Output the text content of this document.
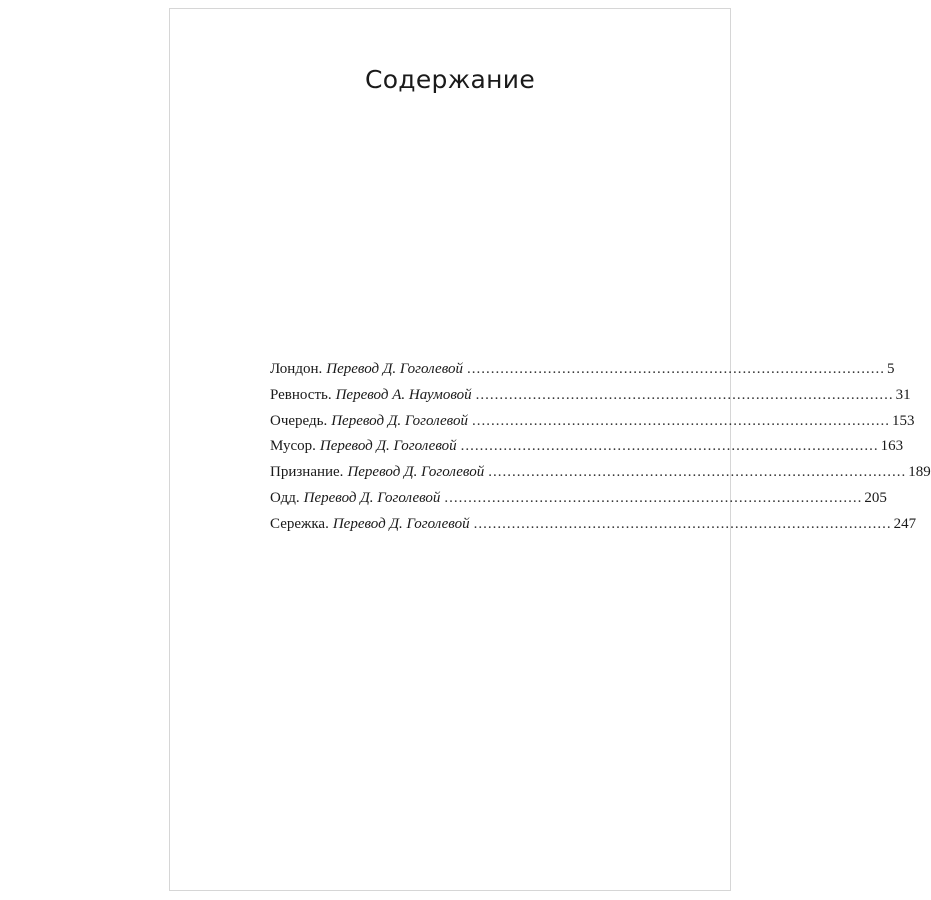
Содержание
Лондон. Перевод Д. Гоголевой ........................................................................................ 5
Ревность. Перевод А. Наумовой ........................................................................................ 31
Очередь. Перевод Д. Гоголевой ........................................................................................ 153
Мусор. Перевод Д. Гоголевой ........................................................................................ 163
Признание. Перевод Д. Гоголевой ........................................................................................ 189
Одд. Перевод Д. Гоголевой ........................................................................................ 205
Сережка. Перевод Д. Гоголевой ........................................................................................ 247
